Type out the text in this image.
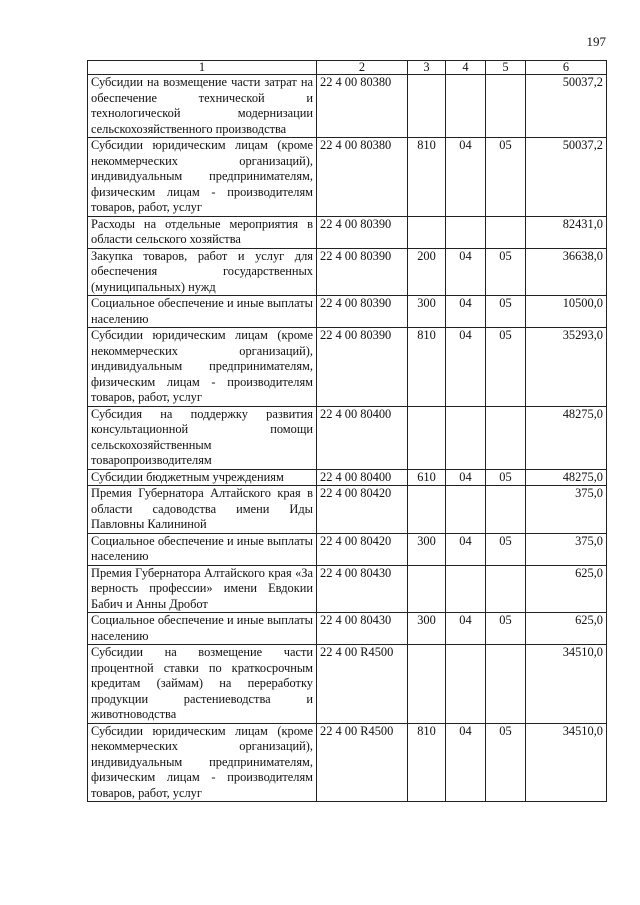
197
1	2	3	4	5	6
Субсидии на возмещение части затрат на обеспечение технической и технологической модернизации сельскохозяйственного производства	22 4 00 80380				50037,2
Субсидии юридическим лицам (кроме некоммерческих организаций), индивидуальным предпринимателям, физическим лицам - производителям товаров, работ, услуг	22 4 00 80380	810	04	05	50037,2
Расходы на отдельные мероприятия в области сельского хозяйства	22 4 00 80390				82431,0
Закупка товаров, работ и услуг для обеспечения государственных (муниципальных) нужд	22 4 00 80390	200	04	05	36638,0
Социальное обеспечение и иные выплаты населению	22 4 00 80390	300	04	05	10500,0
Субсидии юридическим лицам (кроме некоммерческих организаций), индивидуальным предпринимателям, физическим лицам - производителям товаров, работ, услуг	22 4 00 80390	810	04	05	35293,0
Субсидия на поддержку развития консультационной помощи сельскохозяйственным товаропроизводителям	22 4 00 80400				48275,0
Субсидии бюджетным учреждениям	22 4 00 80400	610	04	05	48275,0
Премия Губернатора Алтайского края в области садоводства имени Иды Павловны Калининой	22 4 00 80420				375,0
Социальное обеспечение и иные выплаты населению	22 4 00 80420	300	04	05	375,0
Премия Губернатора Алтайского края «За верность профессии» имени Евдокии Бабич и Анны Дробот	22 4 00 80430				625,0
Социальное обеспечение и иные выплаты населению	22 4 00 80430	300	04	05	625,0
Субсидии на возмещение части процентной ставки по краткосрочным кредитам (займам) на переработку продукции растениеводства и животноводства	22 4 00 R4500				34510,0
Субсидии юридическим лицам (кроме некоммерческих организаций), индивидуальным предпринимателям, физическим лицам - производителям товаров, работ, услуг	22 4 00 R4500	810	04	05	34510,0
